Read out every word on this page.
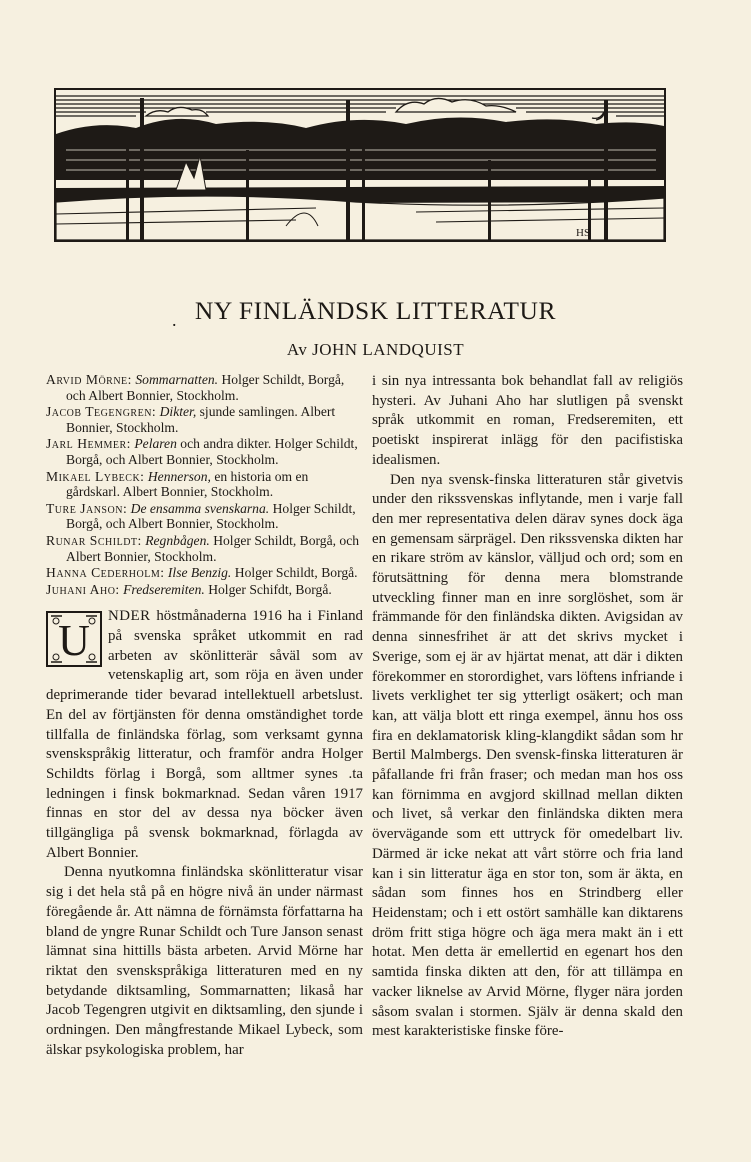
HS
. NY FINLÄNDSK LITTERATUR
Av JOHN LANDQUIST
Arvid Mörne: Sommarnatten. Holger Schildt, Borgå, och Albert Bonnier, Stockholm.
Jacob Tegengren: Dikter, sjunde samlingen. Albert Bonnier, Stockholm.
Jarl Hemmer: Pelaren och andra dikter. Holger Schildt, Borgå, och Albert Bonnier, Stockholm.
Mikael Lybeck: Hennerson, en historia om en gårdskarl. Albert Bonnier, Stockholm.
Ture Janson: De ensamma svenskarna. Holger Schildt, Borgå, och Albert Bonnier, Stockholm.
Runar Schildt: Regnbågen. Holger Schildt, Borgå, och Albert Bonnier, Stockholm.
Hanna Cederholm: Ilse Benzig. Holger Schildt, Borgå.
Juhani Aho: Fredseremiten. Holger Schifdt, Borgå.

U	NDER höstmånaderna 1916 ha i Finland på svenska språket utkommit en rad arbeten av skönlitterär såväl som av vetenskaplig art, som röja en även under deprimerande tider bevarad intellektuell arbetslust. En del av förtjänsten för denna omständighet torde tillfalla de finländska förlag, som verksamt gynna svenskspråkig litteratur, och framför andra Holger Schildts förlag i Borgå, som alltmer synes .ta ledningen i finsk bokmarknad. Sedan våren 1917 finnas en stor del av dessa nya böcker även tillgängliga på svensk bokmarknad, förlagda av Albert Bonnier.

Denna nyutkomna finländska skönlitteratur visar sig i det hela stå på en högre nivå än under närmast föregående år. Att nämna de förnämsta författarna ha bland de yngre Runar Schildt och Ture Janson senast lämnat sina hittills bästa arbeten. Arvid Mörne har riktat den svenskspråkiga litteraturen med en ny betydande diktsamling, Sommarnatten; likaså har Jacob Tegengren utgivit en diktsamling, den sjunde i ordningen. Den mångfrestande Mikael Lybeck, som älskar psykologiska problem, har

i sin nya intressanta bok behandlat fall av religiös hysteri. Av Juhani Aho har slutligen på svenskt språk utkommit en roman, Fredseremiten, ett poetiskt inspirerat inlägg för den pacifistiska idealismen.

Den nya svensk-finska litteraturen står givetvis under den rikssvenskas inflytande, men i varje fall den mer representativa delen därav synes dock äga en gemensam särprägel. Den rikssvenska dikten har en rikare ström av känslor, välljud och ord; som en förutsättning för denna mera blomstrande utveckling finner man en inre sorglöshet, som är främmande för den finländska dikten. Avigsidan av denna sinnesfrihet är att det skrivs mycket i Sverige, som ej är av hjärtat menat, att där i dikten förekommer en storordighet, vars löftens infriande i livets verklighet ter sig ytterligt osäkert; och man kan, att välja blott ett ringa exempel, ännu hos oss fira en deklamatorisk kling-klangdikt sådan som hr Bertil Malmbergs. Den svensk-finska litteraturen är påfallande fri från fraser; och medan man hos oss kan förnimma en avgjord skillnad mellan dikten och livet, så verkar den finländska dikten mera övervägande som ett uttryck för omedelbart liv. Därmed är icke nekat att vårt större och fria land kan i sin litteratur äga en stor ton, som är äkta, en sådan som finnes hos en Strindberg eller Heidenstam; och i ett ostört samhälle kan diktarens dröm fritt stiga högre och äga mera makt än i ett hotat. Men detta är emellertid en egenart hos den samtida finska dikten att den, för att tillämpa en vacker liknelse av Arvid Mörne, flyger nära jorden såsom svalan i stormen. Själv är denna skald den mest karakteristiske finske före-
